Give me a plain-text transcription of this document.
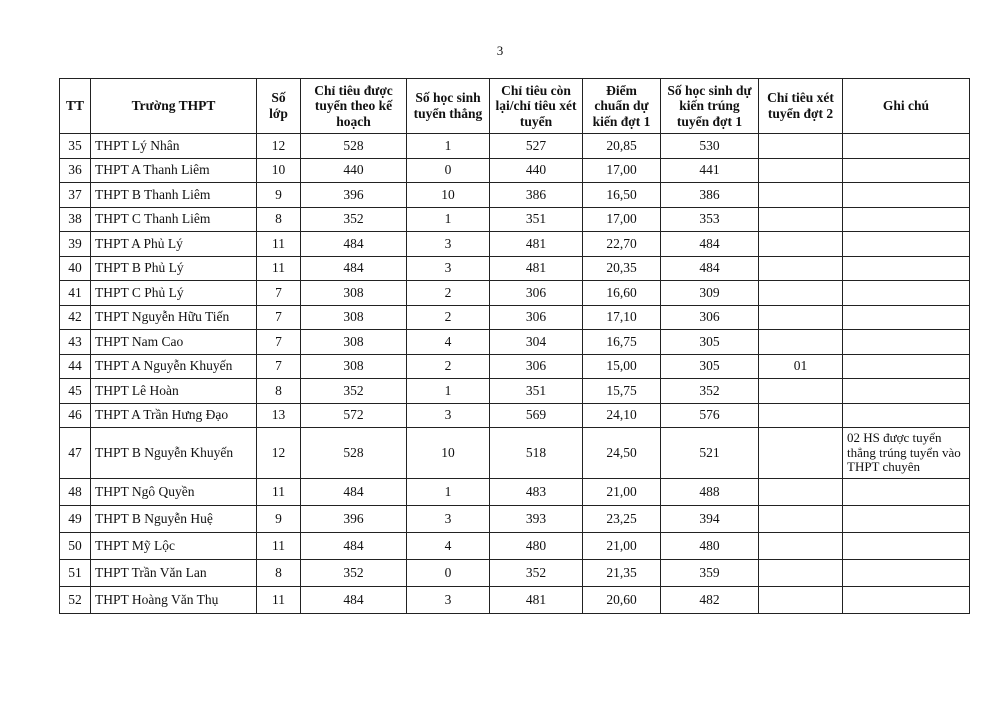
3
TT	Trường THPT	Số lớp	Chỉ tiêu được tuyển theo kế hoạch	Số học sinh tuyển thẳng	Chỉ tiêu còn lại/chỉ tiêu xét tuyển	Điểm chuẩn dự kiến đợt 1	Số học sinh dự kiến trúng tuyển đợt 1	Chỉ tiêu xét tuyển đợt 2	Ghi chú
35	THPT Lý Nhân	12	528	1	527	20,85	530		
36	THPT A Thanh Liêm	10	440	0	440	17,00	441		
37	THPT B Thanh Liêm	9	396	10	386	16,50	386		
38	THPT C Thanh Liêm	8	352	1	351	17,00	353		
39	THPT A Phủ Lý	11	484	3	481	22,70	484		
40	THPT B Phủ Lý	11	484	3	481	20,35	484		
41	THPT C Phủ Lý	7	308	2	306	16,60	309		
42	THPT Nguyễn Hữu Tiến	7	308	2	306	17,10	306		
43	THPT Nam Cao	7	308	4	304	16,75	305		
44	THPT A Nguyễn Khuyến	7	308	2	306	15,00	305	01	
45	THPT Lê Hoàn	8	352	1	351	15,75	352		
46	THPT A Trần Hưng Đạo	13	572	3	569	24,10	576		
47	THPT B Nguyễn Khuyến	12	528	10	518	24,50	521		02 HS được tuyển thẳng trúng tuyển vào THPT chuyên
48	THPT Ngô Quyền	11	484	1	483	21,00	488		
49	THPT B Nguyễn Huệ	9	396	3	393	23,25	394		
50	THPT Mỹ Lộc	11	484	4	480	21,00	480		
51	THPT Trần Văn Lan	8	352	0	352	21,35	359		
52	THPT Hoàng Văn Thụ	11	484	3	481	20,60	482		
